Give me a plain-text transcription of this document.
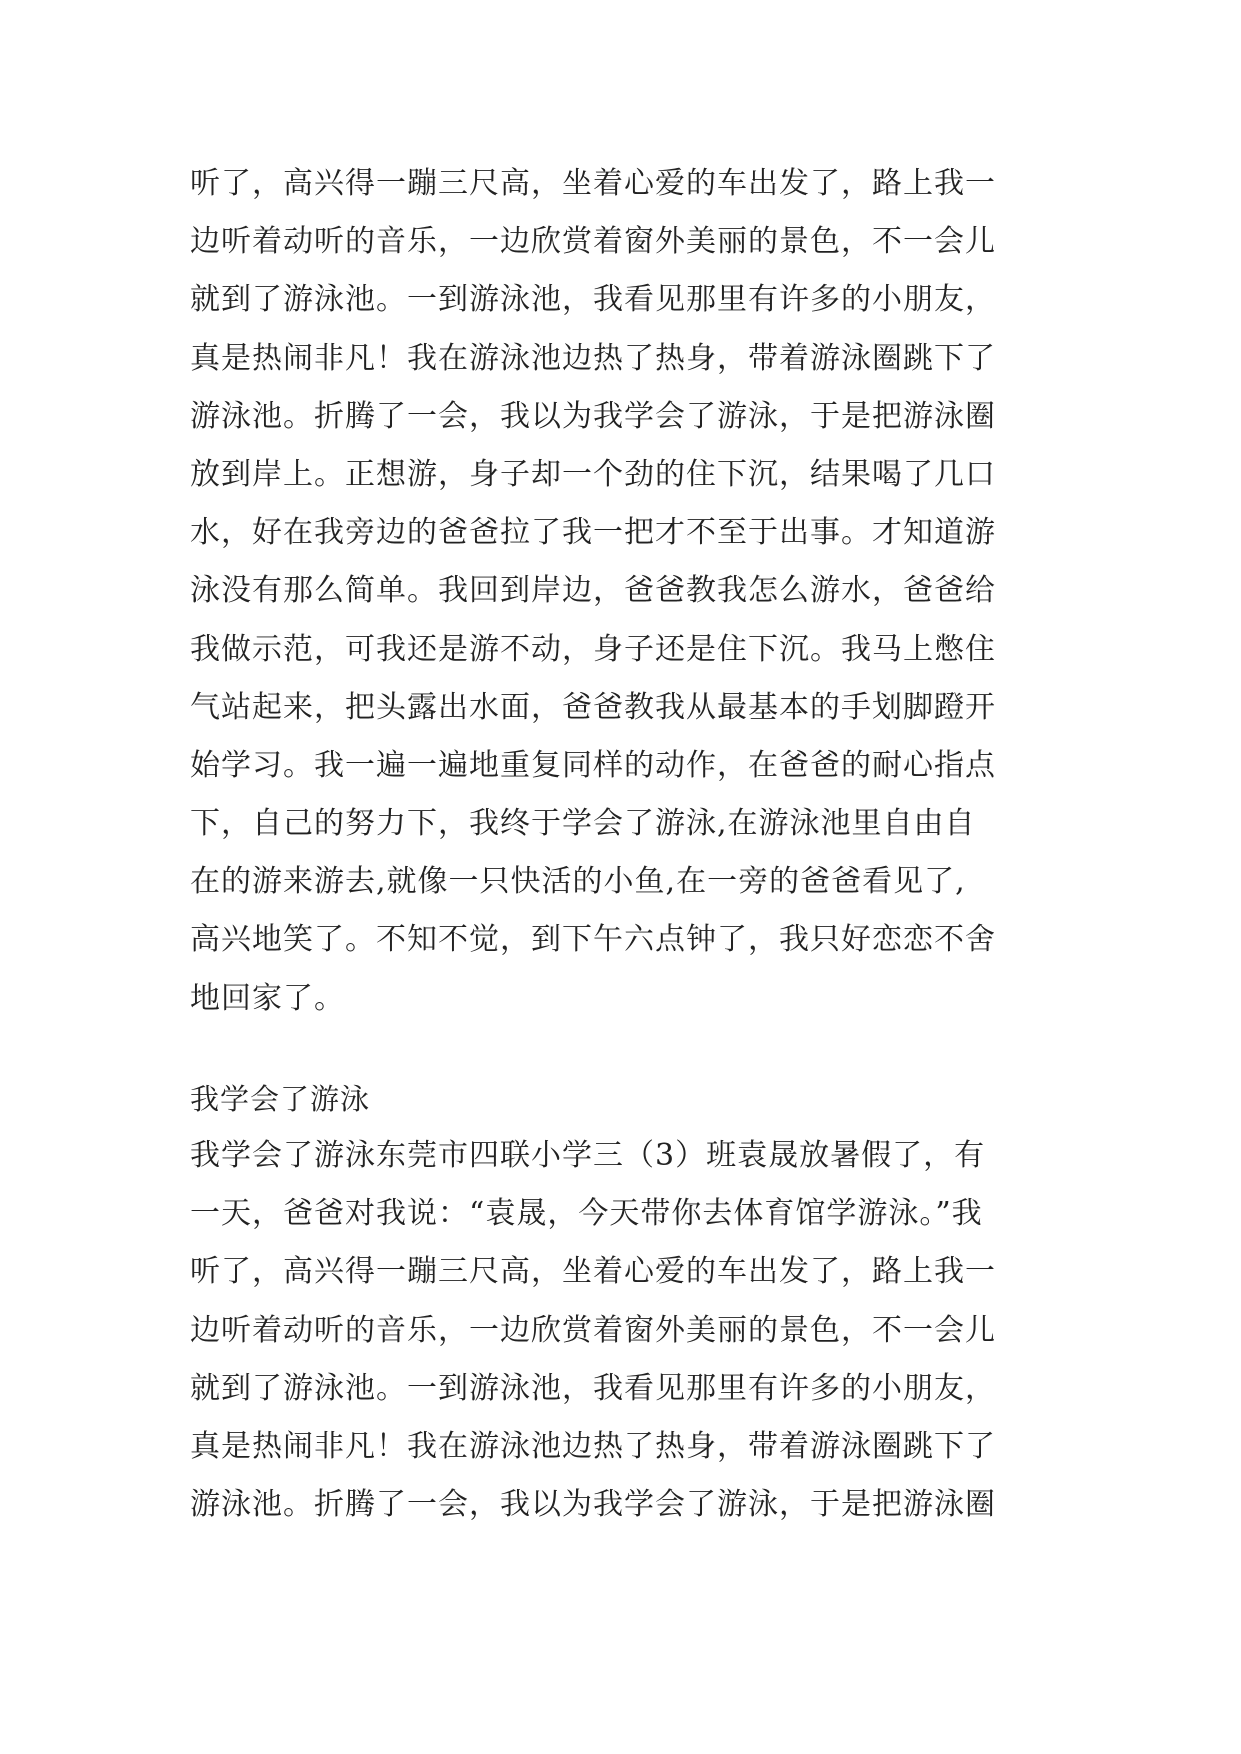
听了，高兴得一蹦三尺高，坐着心爱的车出发了，路上我一
边听着动听的音乐，一边欣赏着窗外美丽的景色，不一会儿
就到了游泳池。一到游泳池，我看见那里有许多的小朋友，
真是热闹非凡！我在游泳池边热了热身，带着游泳圈跳下了
游泳池。折腾了一会，我以为我学会了游泳，于是把游泳圈
放到岸上。正想游，身子却一个劲的住下沉，结果喝了几口
水，好在我旁边的爸爸拉了我一把才不至于出事。才知道游
泳没有那么简单。我回到岸边，爸爸教我怎么游水，爸爸给
我做示范，可我还是游不动，身子还是住下沉。我马上憋住
气站起来，把头露出水面，爸爸教我从最基本的手划脚蹬开
始学习。我一遍一遍地重复同样的动作，在爸爸的耐心指点
下，自己的努力下，我终于学会了游泳,在游泳池里自由自
在的游来游去,就像一只快活的小鱼,在一旁的爸爸看见了,
高兴地笑了。不知不觉，到下午六点钟了，我只好恋恋不舍
地回家了。
我学会了游泳
我学会了游泳东莞市四联小学三（3）班袁晟放暑假了，有
一天，爸爸对我说：“袁晟，今天带你去体育馆学游泳。”我
听了，高兴得一蹦三尺高，坐着心爱的车出发了，路上我一
边听着动听的音乐，一边欣赏着窗外美丽的景色，不一会儿
就到了游泳池。一到游泳池，我看见那里有许多的小朋友，
真是热闹非凡！我在游泳池边热了热身，带着游泳圈跳下了
游泳池。折腾了一会，我以为我学会了游泳，于是把游泳圈
